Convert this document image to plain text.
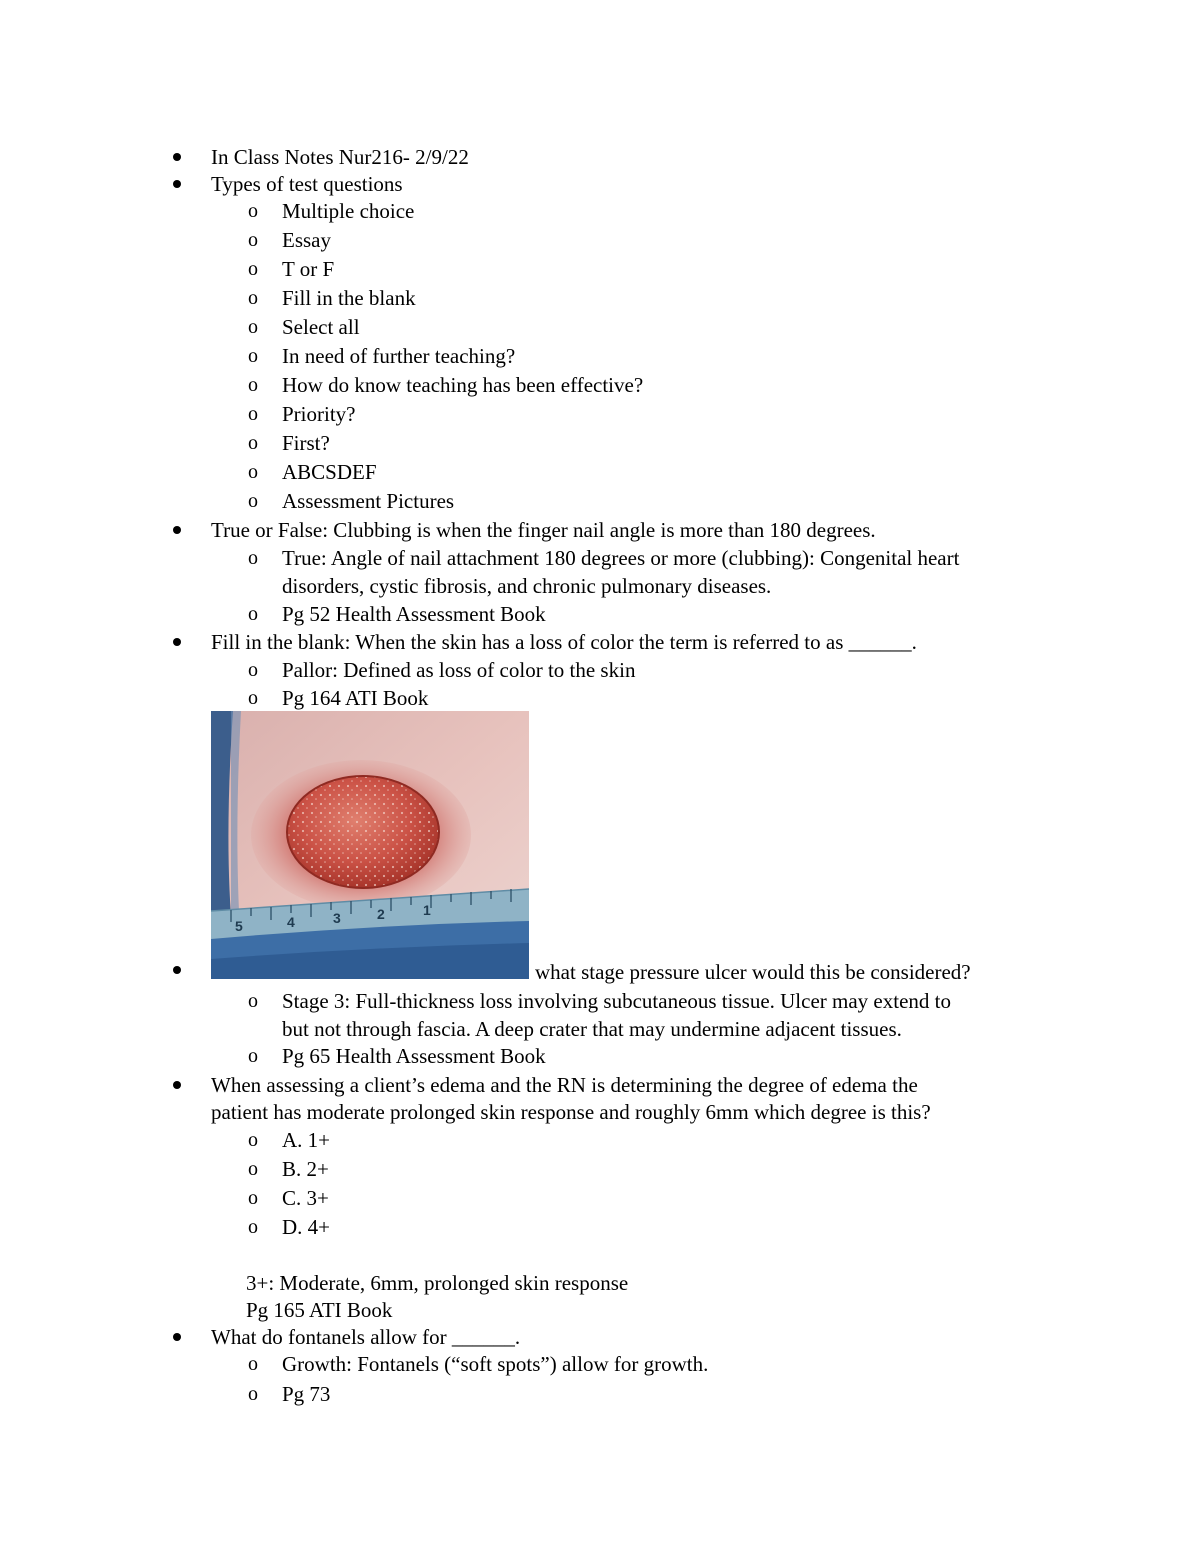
In Class Notes Nur216- 2/9/22
Types of test questions
o Multiple choice
o Essay
o T or F
o Fill in the blank
o Select all
o In need of further teaching?
o How do know teaching has been effective?
o Priority?
o First?
o ABCSDEF
o Assessment Pictures
True or False: Clubbing is when the finger nail angle is more than 180 degrees.
o True: Angle of nail attachment 180 degrees or more (clubbing): Congenital heart
disorders, cystic fibrosis, and chronic pulmonary diseases.
o Pg 52 Health Assessment Book
Fill in the blank: When the skin has a loss of color the term is referred to as ______.
o Pallor: Defined as loss of color to the skin
o Pg 164 ATI Book
5	4	3	2	1
what stage pressure ulcer would this be considered?
o Stage 3: Full-thickness loss involving subcutaneous tissue. Ulcer may extend to
but not through fascia. A deep crater that may undermine adjacent tissues.
o Pg 65 Health Assessment Book
When assessing a client’s edema and the RN is determining the degree of edema the
patient has moderate prolonged skin response and roughly 6mm which degree is this?
o A. 1+
o B. 2+
o C. 3+
o D. 4+
3+: Moderate, 6mm, prolonged skin response
Pg 165 ATI Book
What do fontanels allow for ______.
o Growth: Fontanels (“soft spots”) allow for growth.
o Pg 73
